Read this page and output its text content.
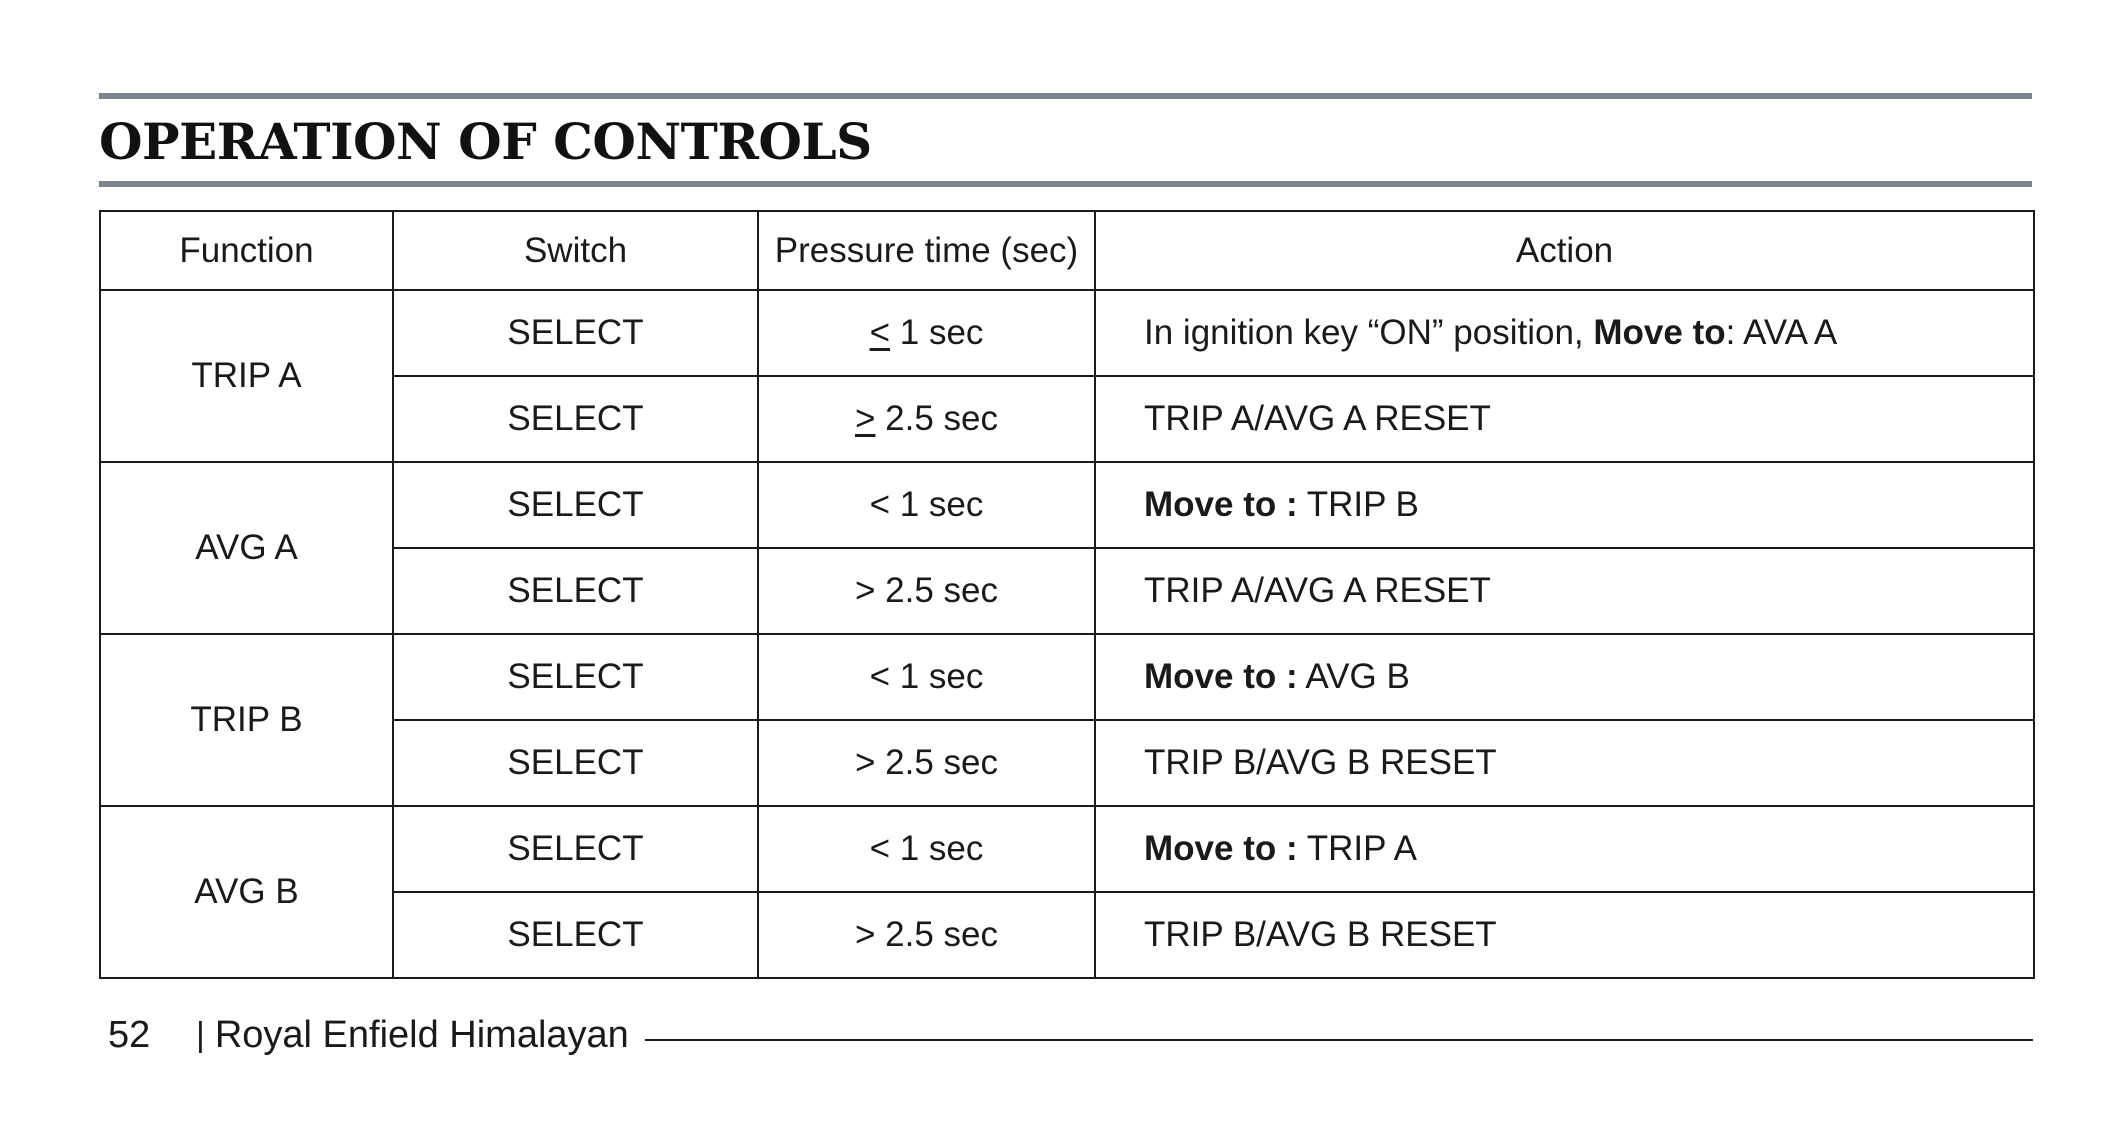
OPERATION OF CONTROLS
Function	Switch	Pressure time (sec)	Action
TRIP A	SELECT	< 1 sec	In ignition key “ON” position, Move to: AVA A
	SELECT	> 2.5 sec	TRIP A/AVG A RESET
AVG A	SELECT	< 1 sec	Move to : TRIP B
	SELECT	> 2.5 sec	TRIP A/AVG A RESET
TRIP B	SELECT	< 1 sec	Move to : AVG B
	SELECT	> 2.5 sec	TRIP B/AVG B RESET
AVG B	SELECT	< 1 sec	Move to : TRIP A
	SELECT	> 2.5 sec	TRIP B/AVG B RESET
52	| Royal Enfield Himalayan
